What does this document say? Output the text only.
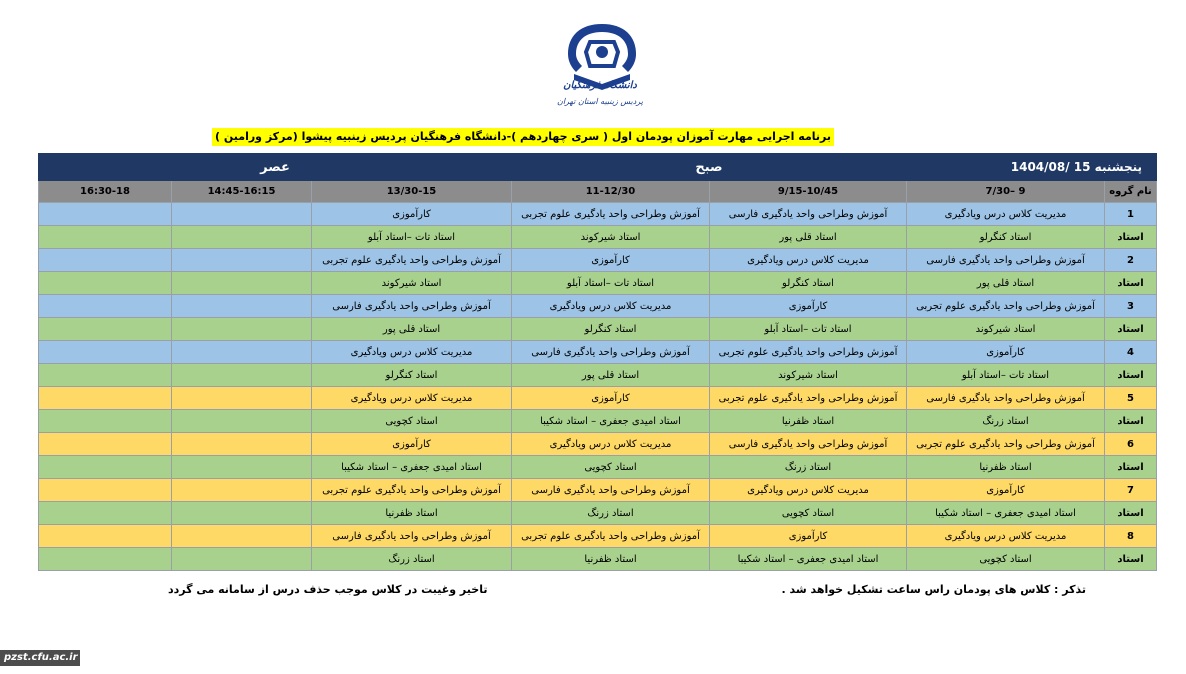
دانشگاه فرهنگیان
پردیس زینبیه استان تهران
برنامه اجرایی مهارت آموزان پودمان اول ( سری چهاردهم )-دانشگاه فرهنگیان پردیس زینبیه پیشوا (مرکز ورامین )
پنجشنبه 15 /1404/08		صبح		عصر		
نام گروه	9 –7/30	9/15-10/45	11-12/30	13/30-15	14:45-16:15	16:30-18
1	مدیریت کلاس درس ویادگیری	آموزش وطراحی واحد یادگیری فارسی	آموزش وطراحی واحد یادگیری علوم تجربی	کارآموزی		
استاد	استاد کنگرلو	استاد قلی پور	استاد شیرکوند	استاد تات –استاد آبلو		
2	آموزش وطراحی واحد یادگیری فارسی	مدیریت کلاس درس ویادگیری	کارآموزی	آموزش وطراحی واحد یادگیری علوم تجربی		
استاد	استاد قلی پور	استاد کنگرلو	استاد تات –استاد آبلو	استاد شیرکوند		
3	آموزش وطراحی واحد یادگیری علوم تجربی	کارآموزی	مدیریت کلاس درس ویادگیری	آموزش وطراحی واحد یادگیری فارسی		
استاد	استاد شیرکوند	استاد تات –استاد آبلو	استاد کنگرلو	استاد قلی پور		
4	کارآموزی	آموزش وطراحی واحد یادگیری علوم تجربی	آموزش وطراحی واحد یادگیری فارسی	مدیریت کلاس درس ویادگیری		
استاد	استاد تات –استاد آبلو	استاد شیرکوند	استاد قلی پور	استاد کنگرلو		
5	آموزش وطراحی واحد یادگیری فارسی	آموزش وطراحی واحد یادگیری علوم تجربی	کارآموزی	مدیریت کلاس درس ویادگیری		
استاد	استاد زرنگ	استاد ظفرنیا	استاد امیدی جعفری – استاد شکیبا	استاد کچویی		
6	آموزش وطراحی واحد یادگیری علوم تجربی	آموزش وطراحی واحد یادگیری فارسی	مدیریت کلاس درس ویادگیری	کارآموزی		
استاد	استاد ظفرنیا	استاد زرنگ	استاد کچویی	استاد امیدی جعفری – استاد شکیبا		
7	کارآموزی	مدیریت کلاس درس ویادگیری	آموزش وطراحی واحد یادگیری فارسی	آموزش وطراحی واحد یادگیری علوم تجربی		
استاد	استاد امیدی جعفری – استاد شکیبا	استاد کچویی	استاد زرنگ	استاد ظفرنیا		
8	مدیریت کلاس درس ویادگیری	کارآموزی	آموزش وطراحی واحد یادگیری علوم تجربی	آموزش وطراحی واحد یادگیری فارسی		
استاد	استاد کچویی	استاد امیدی جعفری – استاد شکیبا	استاد ظفرنیا	استاد زرنگ		
تذکر : کلاس های پودمان راس ساعت تشکیل خواهد شد .
تاخیر وغیبت در کلاس موجب حذف درس از سامانه می گردد
pzst.cfu.ac.ir
